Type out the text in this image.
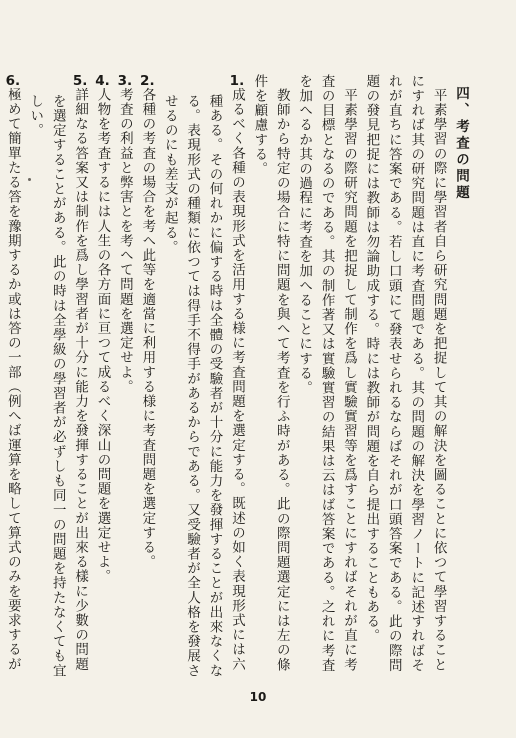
四、考査の問題

平素學習の際に學習者自ら研究問題を把捉して其の解決を圖ることに依つて學習することにすれば其の研究問題は直に考査問題である。其の問題の解決を學習ノートに記述すればそれが直ちに答案である。若し口頭にて發表せられるならばそれが口頭答案である。此の際問題の發見把捉には教師は勿論助成する。時には教師が問題を自ら提出することもある。

平素學習の際研究問題を把捉して制作を爲し實驗實習等を爲すことにすればそれが直に考査の目標となるのである。其の制作著又は實驗實習の結果は云はば答案である。之れに考査を加へるか其の過程に考査を加へることにする。

教師から特定の場合に特に問題を與へて考査を行ふ時がある。此の際問題選定には左の條件を顧慮する。

1.成るべく各種の表現形式を活用する様に考査問題を選定する。既述の如く表現形式には六種ある。その何れかに偏する時は全體の受驗者が十分に能力を發揮することが出來なくなる。表現形式の種類に依つては得手不得手があるからである。又受驗者が全人格を發展させるのにも差支が起る。

2.各種の考査の場合を考へ此等を適當に利用する様に考査問題を選定する。

3.考査の利益と弊害とを考へて問題を選定せよ。

4.人物を考査するには人生の各方面に亘つて成るべく深山の問題を選定せよ。

5.詳細なる答案又は制作を爲し學習者が十分に能力を發揮することが出來る樣に少數の問題を選定することがある。此の時は全學級の學習者が必ずしも同一の問題を持たなくても宜しい。

6.極めて簡單たる答を豫期するか或は答の一部（例へば運算を略して算式のみを要求するが

10
